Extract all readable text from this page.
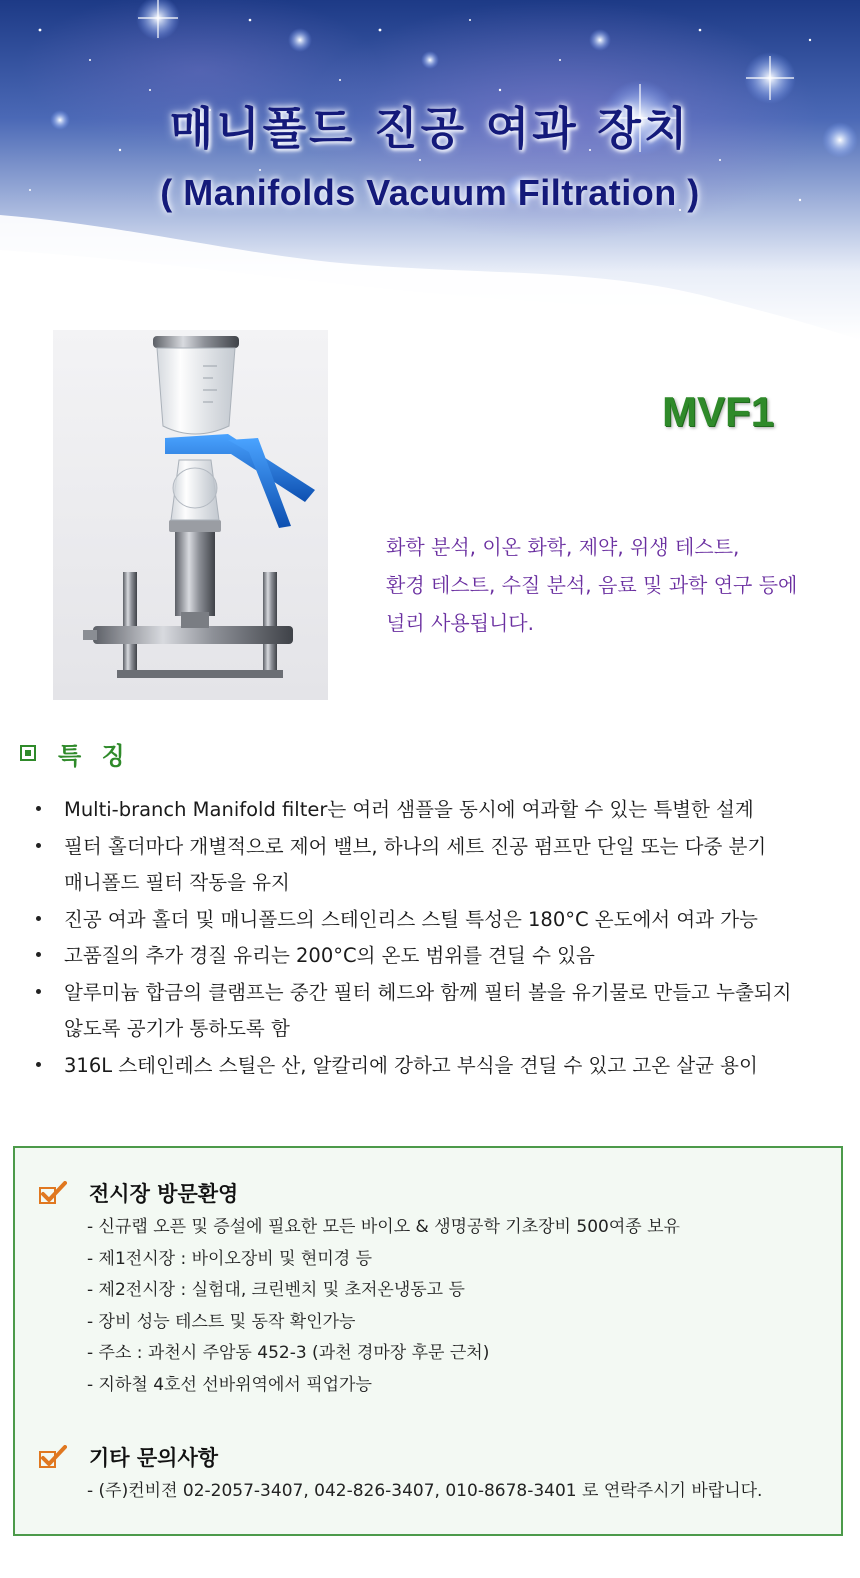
매니폴드 진공 여과 장치
( Manifolds Vacuum Filtration )
MVF1
화학 분석, 이온 화학, 제약, 위생 테스트,
환경 테스트, 수질 분석, 음료 및 과학 연구 등에
널리 사용됩니다.
특 징
Multi-branch Manifold filter는 여러 샘플을 동시에 여과할 수 있는 특별한 설계
필터 홀더마다 개별적으로 제어 밸브, 하나의 세트 진공 펌프만 단일 또는 다중 분기
매니폴드 필터 작동을 유지
진공 여과 홀더 및 매니폴드의 스테인리스 스틸 특성은 180°C 온도에서 여과 가능
고품질의 추가 경질 유리는 200°C의 온도 범위를 견딜 수 있음
알루미늄 합금의 클램프는 중간 필터 헤드와 함께 필터 볼을 유기물로 만들고 누출되지
않도록 공기가 통하도록 함
316L 스테인레스 스틸은 산, 알칼리에 강하고 부식을 견딜 수 있고 고온 살균 용이
전시장 방문환영
- 신규랩 오픈 및 증설에 필요한 모든 바이오 & 생명공학 기초장비 500여종 보유
- 제1전시장 : 바이오장비 및 현미경 등
- 제2전시장 : 실험대, 크린벤치 및 초저온냉동고 등
- 장비 성능 테스트 및 동작 확인가능
- 주소 : 과천시 주암동 452-3 (과천 경마장 후문 근처)
- 지하철 4호선 선바위역에서 픽업가능
기타 문의사항
- (주)컨비젼 02-2057-3407, 042-826-3407, 010-8678-3401 로 연락주시기 바랍니다.
